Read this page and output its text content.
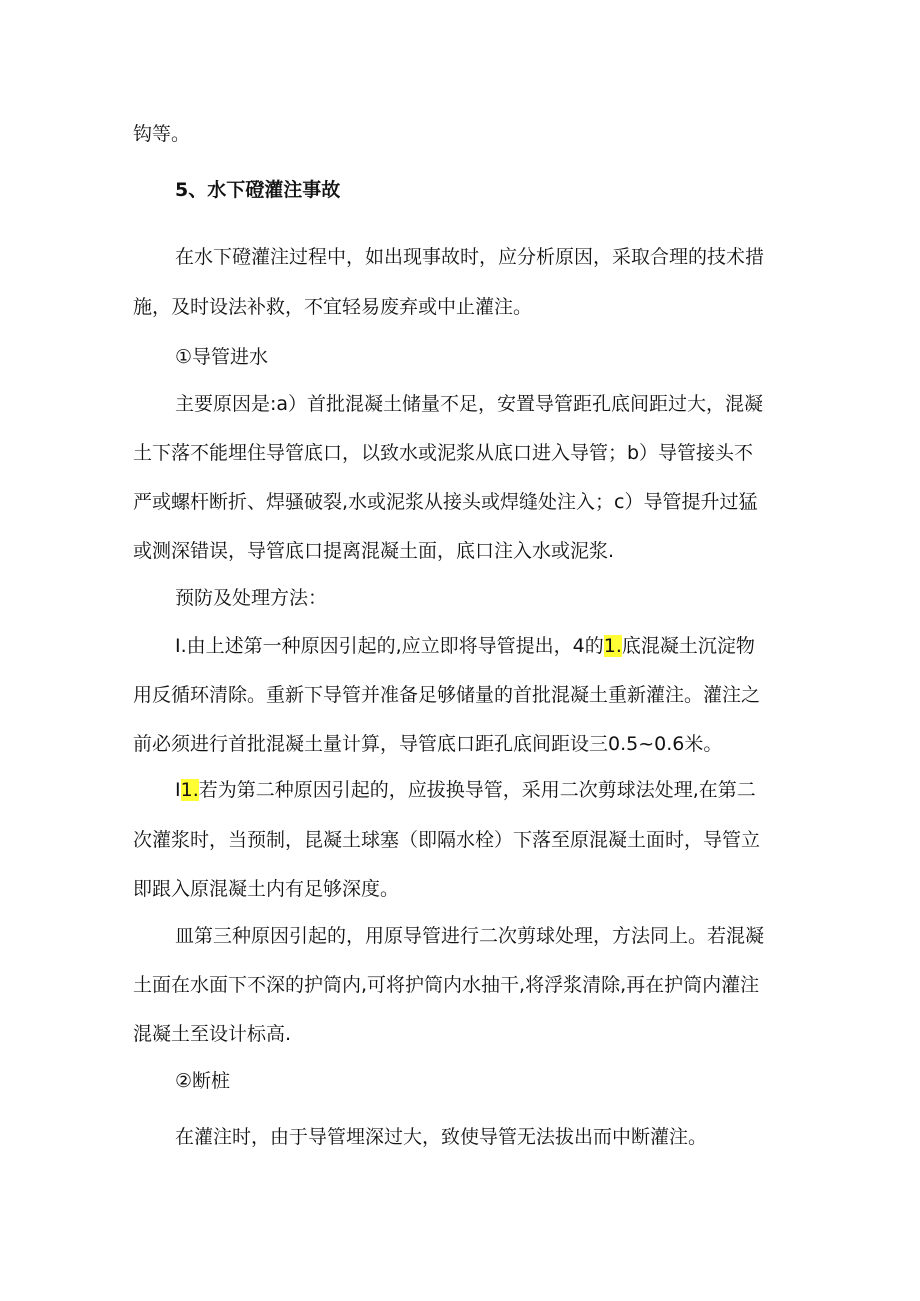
钩等。
5、水下磴灌注事故
在水下磴灌注过程中，如出现事故时，应分析原因，采取合理的技术措
施，及时设法补救，不宜轻易废弃或中止灌注。
①导管进水
主要原因是:a）首批混凝土储量不足，安置导管距孔底间距过大，混凝
土下落不能埋住导管底口，以致水或泥浆从底口进入导管；b）导管接头不
严或螺杆断折、焊骚破裂,水或泥浆从接头或焊缝处注入；c）导管提升过猛
或测深错误，导管底口提离混凝土面，底口注入水或泥浆.
预防及处理方法：
I.由上述第一种原因引起的,应立即将导管提出，4的1.底混凝土沉淀物
用反循环清除。重新下导管并准备足够储量的首批混凝土重新灌注。灌注之
前必须进行首批混凝土量计算，导管底口距孔底间距设三0.5~0.6米。
I1.若为第二种原因引起的，应拔换导管，采用二次剪球法处理,在第二
次灌浆时，当预制，昆凝土球塞（即隔水栓）下落至原混凝土面时，导管立
即跟入原混凝土内有足够深度。
皿第三种原因引起的，用原导管进行二次剪球处理，方法同上。若混凝
土面在水面下不深的护筒内,可将护筒内水抽干,将浮浆清除,再在护筒内灌注
混凝土至设计标高.
②断桩
在灌注时，由于导管埋深过大，致使导管无法拔出而中断灌注。
